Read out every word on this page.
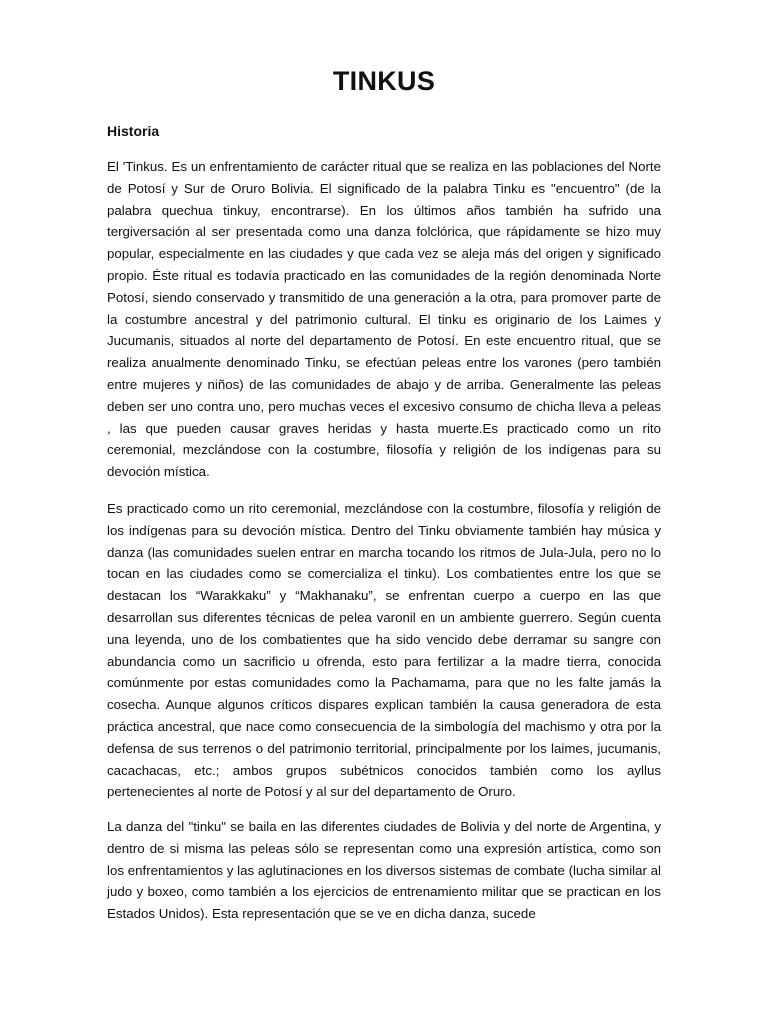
TINKUS
Historia

El 'Tinkus. Es un enfrentamiento de carácter ritual que se realiza en las poblaciones del Norte de Potosí y Sur de Oruro Bolivia. El significado de la palabra Tinku es "encuentro" (de la palabra quechua tinkuy, encontrarse). En los últimos años también ha sufrido una tergiversación al ser presentada como una danza folclórica, que rápidamente se hizo muy popular, especialmente en las ciudades y que cada vez se aleja más del origen y significado propio. Éste ritual es todavía practicado en las comunidades de la región denominada Norte Potosí, siendo conservado y transmitido de una generación a la otra, para promover parte de la costumbre ancestral y del patrimonio cultural. El tinku es originario de los Laimes y Jucumanis, situados al norte del departamento de Potosí. En este encuentro ritual, que se realiza anualmente denominado Tinku, se efectúan peleas entre los varones (pero también entre mujeres y niños) de las comunidades de abajo y de arriba. Generalmente las peleas deben ser uno contra uno, pero muchas veces el excesivo consumo de chicha lleva a peleas , las que pueden causar graves heridas y hasta muerte.Es practicado como un rito ceremonial, mezclándose con la costumbre, filosofía y religión de los indígenas para su devoción mística.

Es practicado como un rito ceremonial, mezclándose con la costumbre, filosofía y religión de los indígenas para su devoción mística. Dentro del Tinku obviamente también hay música y danza (las comunidades suelen entrar en marcha tocando los ritmos de Jula-Jula, pero no lo tocan en las ciudades como se comercializa el tinku). Los combatientes entre los que se destacan los “Warakkaku” y “Makhanaku”, se enfrentan cuerpo a cuerpo en las que desarrollan sus diferentes técnicas de pelea varonil en un ambiente guerrero. Según cuenta una leyenda, uno de los combatientes que ha sido vencido debe derramar su sangre con abundancia como un sacrificio u ofrenda, esto para fertilizar a la madre tierra, conocida comúnmente por estas comunidades como la Pachamama, para que no les falte jamás la cosecha. Aunque algunos críticos dispares explican también la causa generadora de esta práctica ancestral, que nace como consecuencia de la simbología del machismo y otra por la defensa de sus terrenos o del patrimonio territorial, principalmente por los laimes, jucumanis, cacachacas, etc.; ambos grupos subétnicos conocidos también como los ayllus pertenecientes al norte de Potosí y al sur del departamento de Oruro.

La danza del "tinku" se baila en las diferentes ciudades de Bolivia y del norte de Argentina, y dentro de si misma las peleas sólo se representan como una expresión artística, como son los enfrentamientos y las aglutinaciones en los diversos sistemas de combate (lucha similar al judo y boxeo, como también a los ejercicios de entrenamiento militar que se practican en los Estados Unidos). Esta representación que se ve en dicha danza, sucede
